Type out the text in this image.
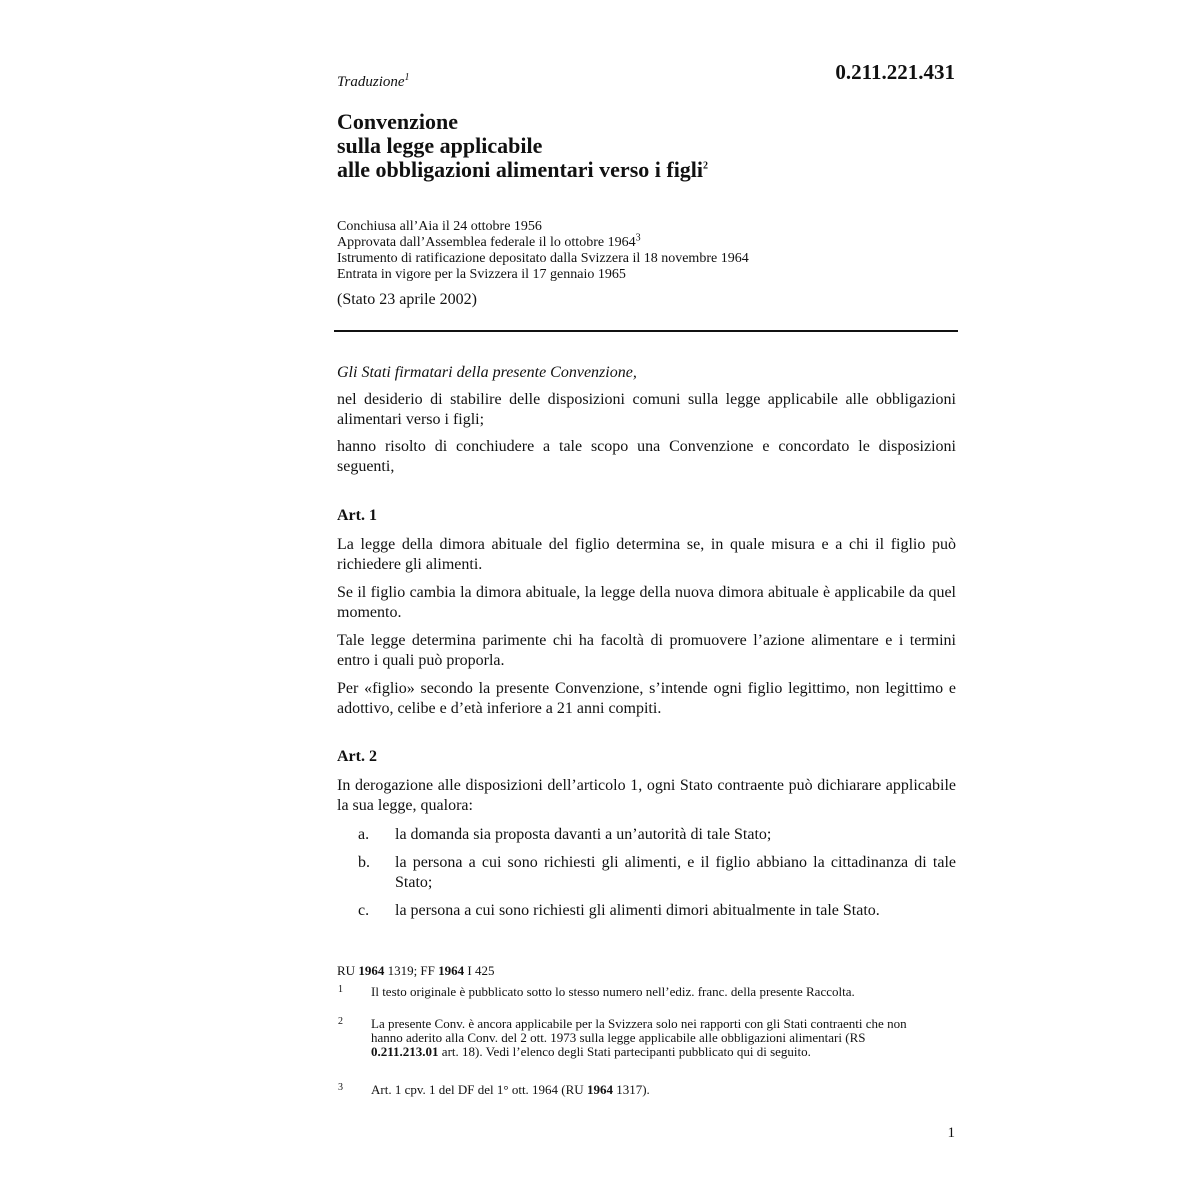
0.211.221.431
Traduzione$^1$
Convenzione
sulla legge applicabile
alle obbligazioni alimentari verso i figli$^2$
Conchiusa all’Aia il 24 ottobre 1956
Approvata dall’Assemblea federale il lo ottobre 1964$^3$
Istrumento di ratificazione depositato dalla Svizzera il 18 novembre 1964
Entrata in vigore per la Svizzera il 17 gennaio 1965
(Stato 23 aprile 2002)
Gli Stati firmatari della presente Convenzione,
nel desiderio di stabilire delle disposizioni comuni sulla legge applicabile alle obbligazioni alimentari verso i figli;
hanno risolto di conchiudere a tale scopo una Convenzione e concordato le disposizioni seguenti,
Art. 1
La legge della dimora abituale del figlio determina se, in quale misura e a chi il figlio può richiedere gli alimenti.
Se il figlio cambia la dimora abituale, la legge della nuova dimora abituale è applicabile da quel momento.
Tale legge determina parimente chi ha facoltà di promuovere l’azione alimentare e i termini entro i quali può proporla.
Per «figlio» secondo la presente Convenzione, s’intende ogni figlio legittimo, non legittimo e adottivo, celibe e d’età inferiore a 21 anni compiti.
Art. 2
In derogazione alle disposizioni dell’articolo 1, ogni Stato contraente può dichiarare applicabile la sua legge, qualora:
a. la domanda sia proposta davanti a un’autorità di tale Stato;
b. la persona a cui sono richiesti gli alimenti, e il figlio abbiano la cittadinanza di tale Stato;
c. la persona a cui sono richiesti gli alimenti dimori abitualmente in tale Stato.
RU 1964 1319; FF 1964 I 425
1 Il testo originale è pubblicato sotto lo stesso numero nell’ediz. franc. della presente Raccolta.
2 La presente Conv. è ancora applicabile per la Svizzera solo nei rapporti con gli Stati contraenti che non hanno aderito alla Conv. del 2 ott. 1973 sulla legge applicabile alle obbligazioni alimentari (RS 0.211.213.01 art. 18). Vedi l’elenco degli Stati partecipanti pubblicato qui di seguito.
3 Art. 1 cpv. 1 del DF del 1° ott. 1964 (RU 1964 1317).
1
